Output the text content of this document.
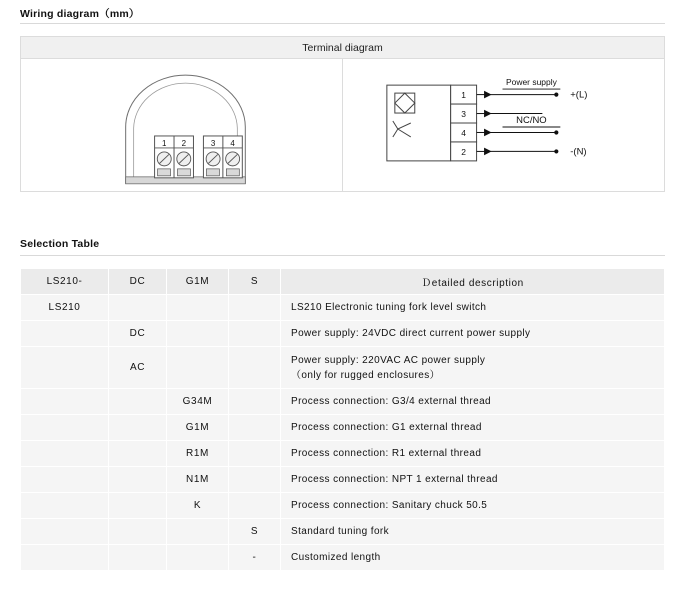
Wiring diagram（mm）
Terminal diagram
1 2	3 4
1
3
4
2
Power supply
NC/NO
+(L)
-(N)
Selection Table
LS210-	DC	G1M	S	Ｄetailed description
LS210				LS210 Electronic tuning fork level switch

	DC			Power supply: 24VDC direct current power supply

	AC			Power supply: 220VAC AC power supply
（only for rugged enclosures）

		G34M		Process connection: G3/4 external thread

		G1M		Process connection: G1 external thread

		R1M		Process connection: R1 external thread

		N1M		Process connection: NPT 1 external thread

		K		Process connection: Sanitary chuck 50.5

			S	Standard tuning fork

			-	Customized length
